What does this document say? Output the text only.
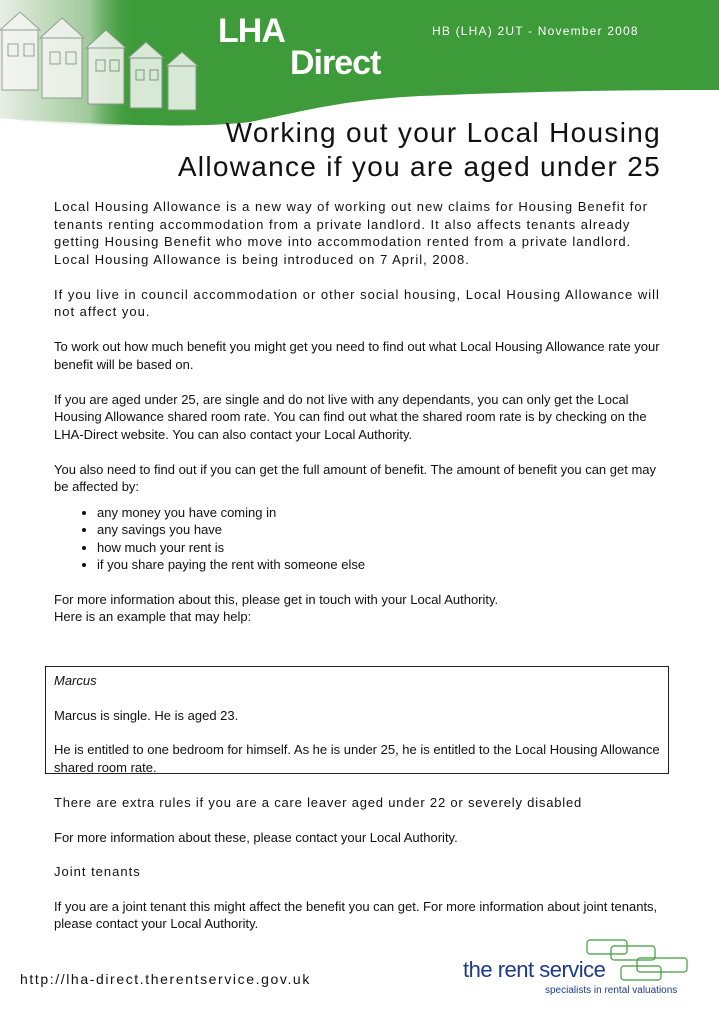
LHA
Direct
HB (LHA) 2UT - November 2008
Working out your Local Housing
Allowance if you are aged under 25

Local Housing Allowance is a new way of working out new claims for Housing Benefit for tenants renting accommodation from a private landlord. It also affects tenants already getting Housing Benefit who move into accommodation rented from a private landlord. Local Housing Allowance is being introduced on 7 April, 2008.

If you live in council accommodation or other social housing, Local Housing Allowance will not affect you.

To work out how much benefit you might get you need to find out what Local Housing Allowance rate your benefit will be based on.

If you are aged under 25, are single and do not live with any dependants, you can only get the Local Housing Allowance shared room rate. You can find out what the shared room rate is by checking on the LHA-Direct website. You can also contact your Local Authority.

You also need to find out if you can get the full amount of benefit. The amount of benefit you can get may be affected by:

• any money you have coming in
• any savings you have
• how much your rent is
• if you share paying the rent with someone else
For more information about this, please get in touch with your Local Authority.
Here is an example that may help:

Marcus

Marcus is single. He is aged 23.

He is entitled to one bedroom for himself. As he is under 25, he is entitled to the Local Housing Allowance shared room rate.

There are extra rules if you are a care leaver aged under 22 or severely disabled

For more information about these, please contact your Local Authority.

Joint tenants

If you are a joint tenant this might affect the benefit you can get. For more information about joint tenants, please contact your Local Authority.

http://lha-direct.therentservice.gov.uk	the rent service
specialists in rental valuations
